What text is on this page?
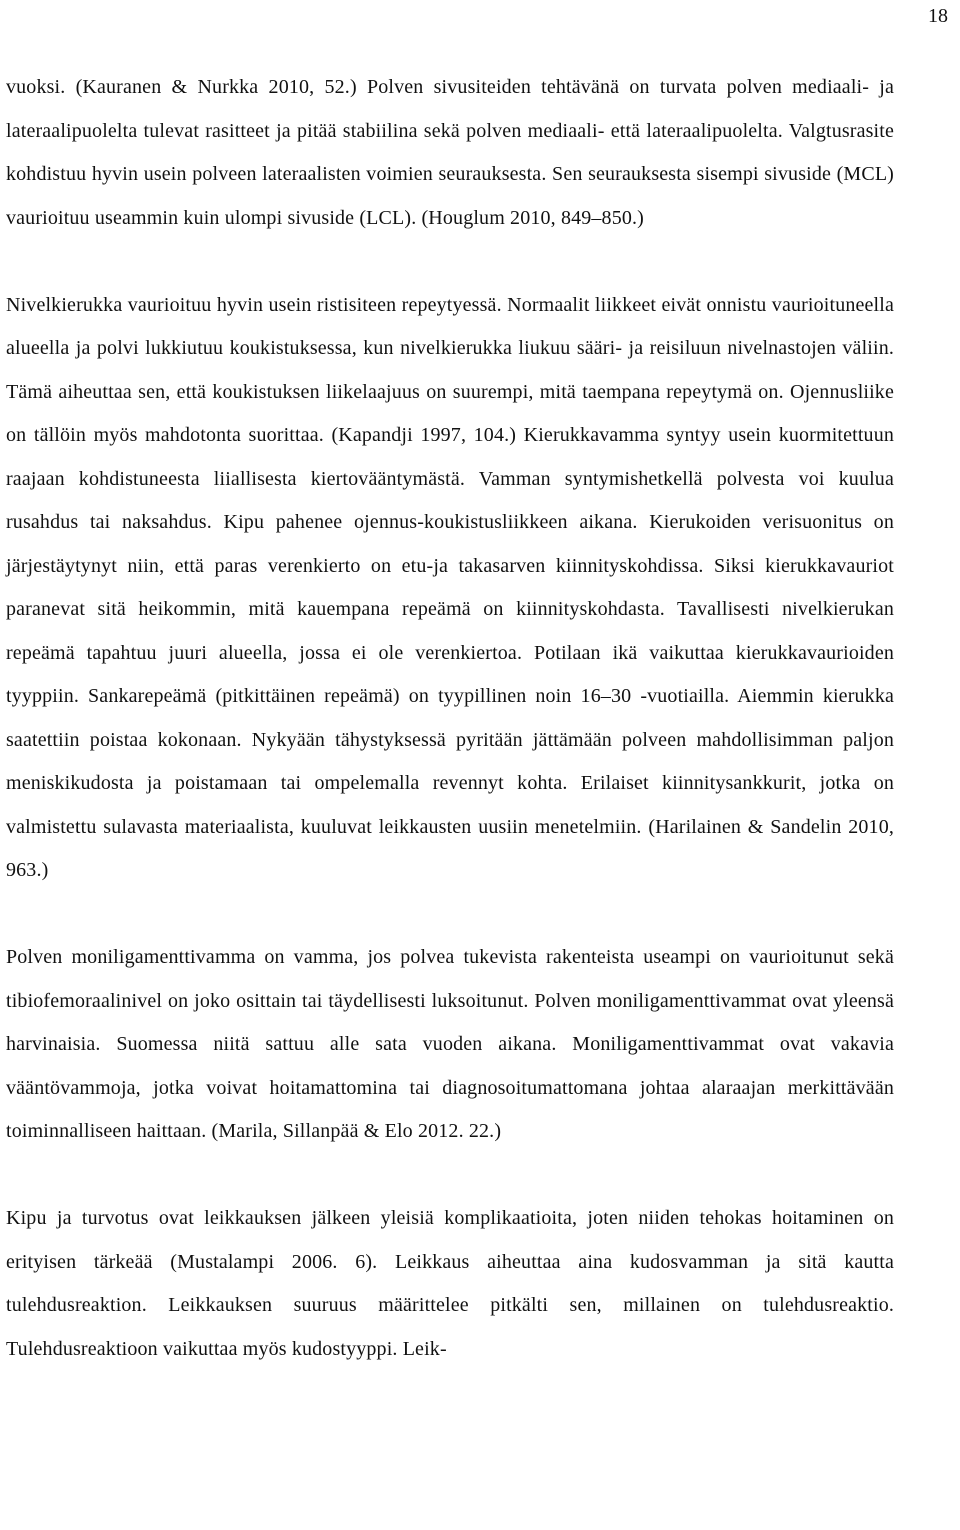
18

vuoksi. (Kauranen & Nurkka 2010, 52.) Polven sivusiteiden tehtävänä on turvata polven mediaali- ja lateraalipuolelta tulevat rasitteet ja pitää stabiilina sekä polven mediaali- että lateraalipuolelta. Valgtusrasite kohdistuu hyvin usein polveen lateraalisten voimien seurauksesta. Sen seurauksesta sisempi sivuside (MCL) vaurioituu useammin kuin ulompi sivuside (LCL). (Houglum 2010, 849–850.)

Nivelkierukka vaurioituu hyvin usein ristisiteen repeytyessä. Normaalit liikkeet eivät onnistu vaurioituneella alueella ja polvi lukkiutuu koukistuksessa, kun nivelkierukka liukuu sääri- ja reisiluun nivelnastojen väliin. Tämä aiheuttaa sen, että koukistuksen liikelaajuus on suurempi, mitä taempana repeytymä on. Ojennusliike on tällöin myös mahdotonta suorittaa. (Kapandji 1997, 104.) Kierukkavamma syntyy usein kuormitettuun raajaan kohdistuneesta liiallisesta kiertovääntymästä. Vamman syntymishetkellä polvesta voi kuulua rusahdus tai naksahdus. Kipu pahenee ojennus-koukistusliikkeen aikana. Kierukoiden verisuonitus on järjestäytynyt niin, että paras verenkierto on etu-ja takasarven kiinnityskohdissa. Siksi kierukkavauriot paranevat sitä heikommin, mitä kauempana repeämä on kiinnityskohdasta. Tavallisesti nivelkierukan repeämä tapahtuu juuri alueella, jossa ei ole verenkiertoa. Potilaan ikä vaikuttaa kierukkavaurioiden tyyppiin. Sankarepeämä (pitkittäinen repeämä) on tyypillinen noin 16–30 -vuotiailla. Aiemmin kierukka saatettiin poistaa kokonaan. Nykyään tähystyksessä pyritään jättämään polveen mahdollisimman paljon meniskikudosta ja poistamaan tai ompelemalla revennyt kohta. Erilaiset kiinnitysankkurit, jotka on valmistettu sulavasta materiaalista, kuuluvat leikkausten uusiin menetelmiin. (Harilainen & Sandelin 2010, 963.)

Polven moniligamenttivamma on vamma, jos polvea tukevista rakenteista useampi on vaurioitunut sekä tibiofemoraalinivel on joko osittain tai täydellisesti luksoitunut. Polven moniligamenttivammat ovat yleensä harvinaisia. Suomessa niitä sattuu alle sata vuoden aikana. Moniligamenttivammat ovat vakavia vääntövammoja, jotka voivat hoitamattomina tai diagnosoitumattomana johtaa alaraajan merkittävään toiminnalliseen haittaan. (Marila, Sillanpää & Elo 2012. 22.)

Kipu ja turvotus ovat leikkauksen jälkeen yleisiä komplikaatioita, joten niiden tehokas hoitaminen on erityisen tärkeää (Mustalampi 2006. 6). Leikkaus aiheuttaa aina kudosvamman ja sitä kautta tulehdusreaktion. Leikkauksen suuruus määrittelee pitkälti sen, millainen on tulehdusreaktio. Tulehdusreaktioon vaikuttaa myös kudostyyppi. Leik-
